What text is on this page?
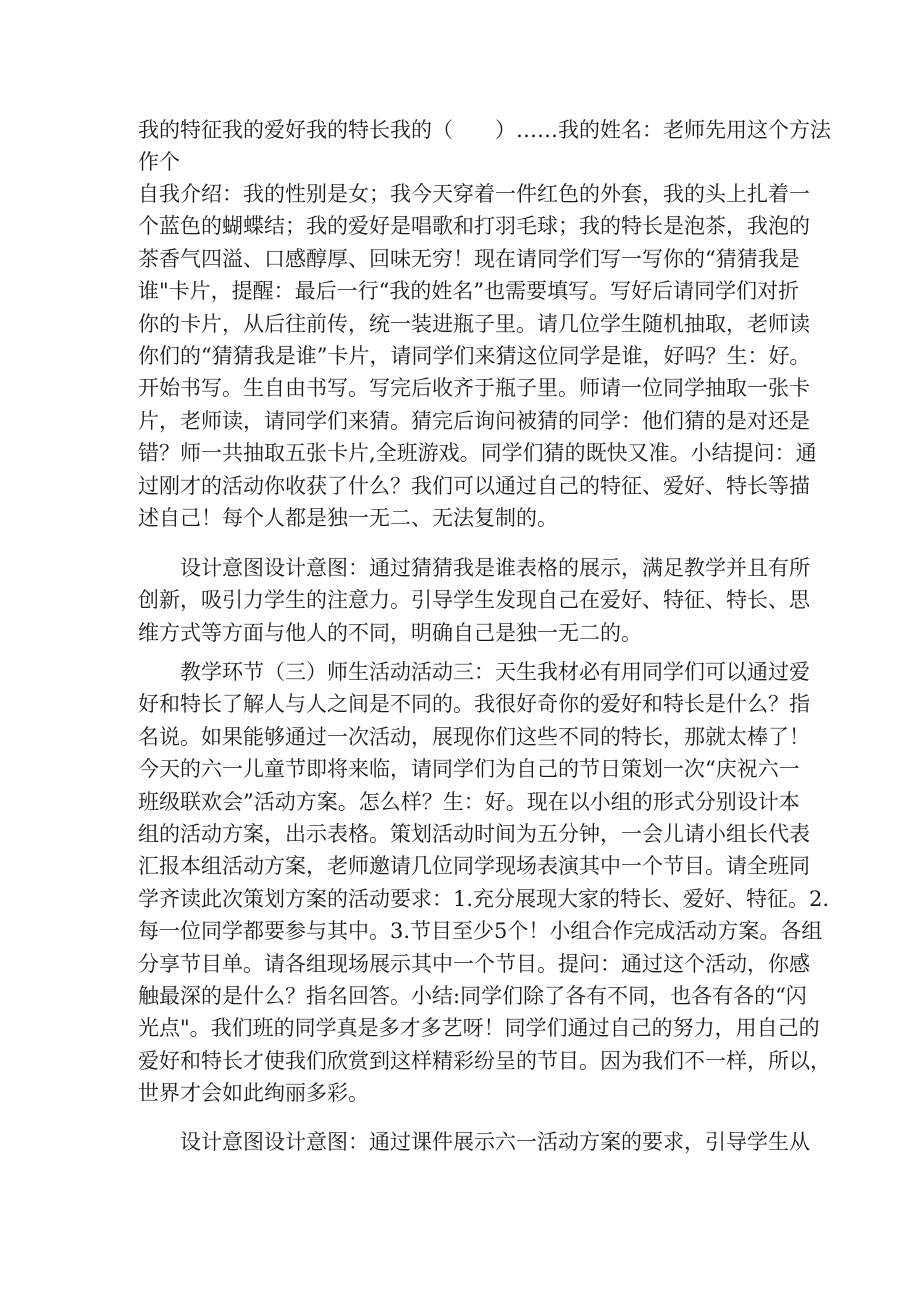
我的特征我的爱好我的特长我的（　　）……我的姓名：老师先用这个方法
作个
自我介绍：我的性别是女；我今天穿着一件红色的外套，我的头上扎着一
个蓝色的蝴蝶结；我的爱好是唱歌和打羽毛球；我的特长是泡茶，我泡的
茶香气四溢、口感醇厚、回味无穷！现在请同学们写一写你的“猜猜我是
谁"卡片，提醒：最后一行“我的姓名”也需要填写。写好后请同学们对折
你的卡片，从后往前传，统一装进瓶子里。请几位学生随机抽取，老师读
你们的“猜猜我是谁”卡片，请同学们来猜这位同学是谁，好吗？生：好。
开始书写。生自由书写。写完后收齐于瓶子里。师请一位同学抽取一张卡
片，老师读，请同学们来猜。猜完后询问被猜的同学：他们猜的是对还是
错？师一共抽取五张卡片,全班游戏。同学们猜的既快又准。小结提问：通
过刚才的活动你收获了什么？我们可以通过自己的特征、爱好、特长等描
述自己！每个人都是独一无二、无法复制的。
设计意图设计意图：通过猜猜我是谁表格的展示，满足教学并且有所
创新，吸引力学生的注意力。引导学生发现自己在爱好、特征、特长、思
维方式等方面与他人的不同，明确自己是独一无二的。
教学环节（三）师生活动活动三：天生我材必有用同学们可以通过爱
好和特长了解人与人之间是不同的。我很好奇你的爱好和特长是什么？指
名说。如果能够通过一次活动，展现你们这些不同的特长，那就太棒了！
今天的六一儿童节即将来临，请同学们为自己的节日策划一次“庆祝六一
班级联欢会”活动方案。怎么样？生：好。现在以小组的形式分别设计本
组的活动方案，出示表格。策划活动时间为五分钟，一会儿请小组长代表
汇报本组活动方案，老师邀请几位同学现场表演其中一个节目。请全班同
学齐读此次策划方案的活动要求：1.充分展现大家的特长、爱好、特征。2.
每一位同学都要参与其中。3.节目至少5个！小组合作完成活动方案。各组
分享节目单。请各组现场展示其中一个节目。提问：通过这个活动，你感
触最深的是什么？指名回答。小结:同学们除了各有不同，也各有各的“闪
光点"。我们班的同学真是多才多艺呀！同学们通过自己的努力，用自己的
爱好和特长才使我们欣赏到这样精彩纷呈的节目。因为我们不一样，所以，
世界才会如此绚丽多彩。
设计意图设计意图：通过课件展示六一活动方案的要求，引导学生从
